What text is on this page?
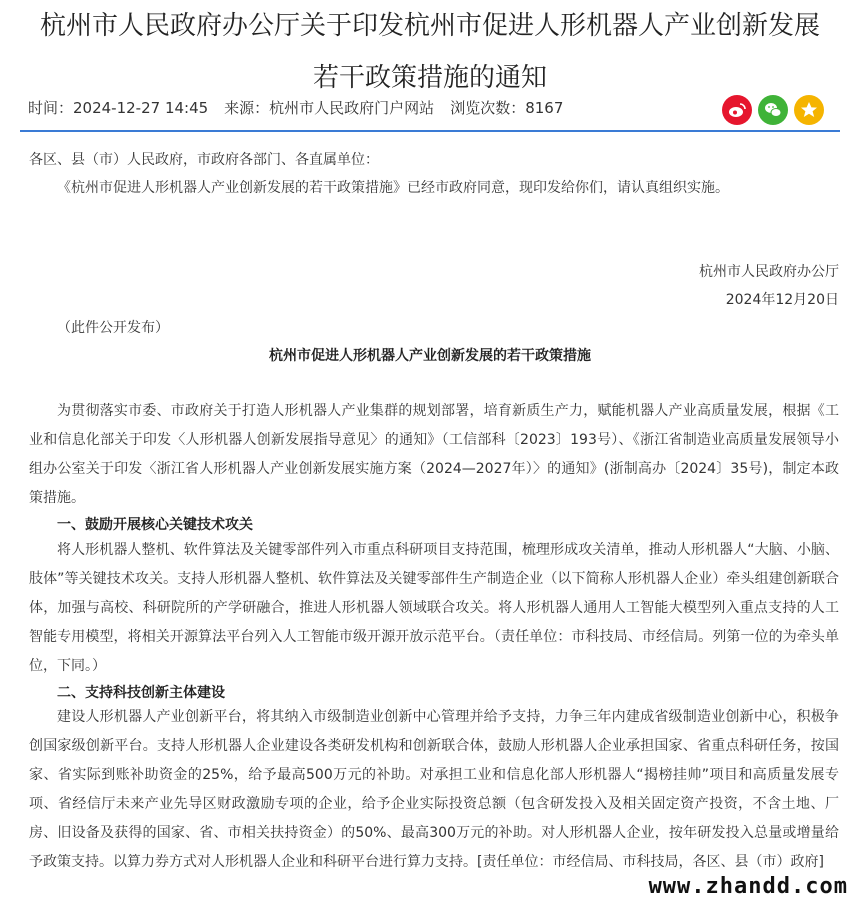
杭州市人民政府办公厅关于印发杭州市促进人形机器人产业创新发展若干政策措施的通知
时间：2024-12-27 14:45 来源：杭州市人民政府门户网站 浏览次数：8167
各区、县（市）人民政府，市政府各部门、各直属单位：
《杭州市促进人形机器人产业创新发展的若干政策措施》已经市政府同意，现印发给你们，请认真组织实施。
杭州市人民政府办公厅
2024年12月20日
（此件公开发布）
杭州市促进人形机器人产业创新发展的若干政策措施

为贯彻落实市委、市政府关于打造人形机器人产业集群的规划部署，培育新质生产力，赋能机器人产业高质量发展，根据《工业和信息化部关于印发〈人形机器人创新发展指导意见〉的通知》（工信部科〔2023〕193号）、《浙江省制造业高质量发展领导小组办公室关于印发〈浙江省人形机器人产业创新发展实施方案（2024—2027年）〉的通知》(浙制高办〔2024〕35号)，制定本政策措施。

一、鼓励开展核心关键技术攻关

将人形机器人整机、软件算法及关键零部件列入市重点科研项目支持范围，梳理形成攻关清单，推动人形机器人“大脑、小脑、肢体”等关键技术攻关。支持人形机器人整机、软件算法及关键零部件生产制造企业（以下简称人形机器人企业）牵头组建创新联合体，加强与高校、科研院所的产学研融合，推进人形机器人领域联合攻关。将人形机器人通用人工智能大模型列入重点支持的人工智能专用模型，将相关开源算法平台列入人工智能市级开源开放示范平台。（责任单位：市科技局、市经信局。列第一位的为牵头单位，下同。）

二、支持科技创新主体建设

建设人形机器人产业创新平台，将其纳入市级制造业创新中心管理并给予支持，力争三年内建成省级制造业创新中心，积极争创国家级创新平台。支持人形机器人企业建设各类研发机构和创新联合体，鼓励人形机器人企业承担国家、省重点科研任务，按国家、省实际到账补助资金的25%，给予最高500万元的补助。对承担工业和信息化部人形机器人“揭榜挂帅”项目和高质量发展专项、省经信厅未来产业先导区财政激励专项的企业，给予企业实际投资总额（包含研发投入及相关固定资产投资，不含土地、厂房、旧设备及获得的国家、省、市相关扶持资金）的50%、最高300万元的补助。对人形机器人企业，按年研发投入总量或增量给予政策支持。以算力券方式对人形机器人企业和科研平台进行算力支持。[责任单位：市经信局、市科技局，各区、县（市）政府]

www.zhandd.com
